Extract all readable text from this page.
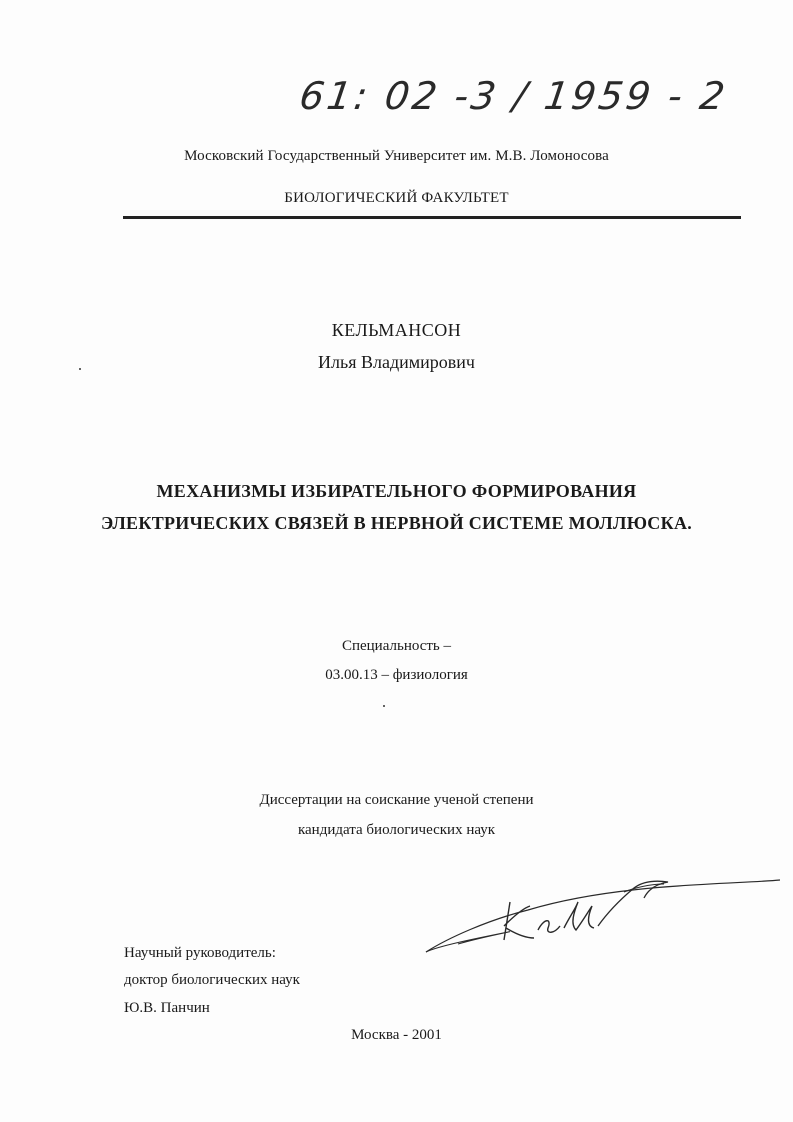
61: 02 -3 / 1959 - 2
Московский Государственный Университет им. М.В. Ломоносова
БИОЛОГИЧЕСКИЙ ФАКУЛЬТЕТ
КЕЛЬМАНСОН
Илья Владимирович
МЕХАНИЗМЫ ИЗБИРАТЕЛЬНОГО ФОРМИРОВАНИЯ
ЭЛЕКТРИЧЕСКИХ СВЯЗЕЙ В НЕРВНОЙ СИСТЕМЕ МОЛЛЮСКА.
Специальность –
03.00.13 – физиология
Диссертации на соискание ученой степени
кандидата биологических наук
Научный руководитель:
доктор биологических наук
Ю.В. Панчин
Москва - 2001
